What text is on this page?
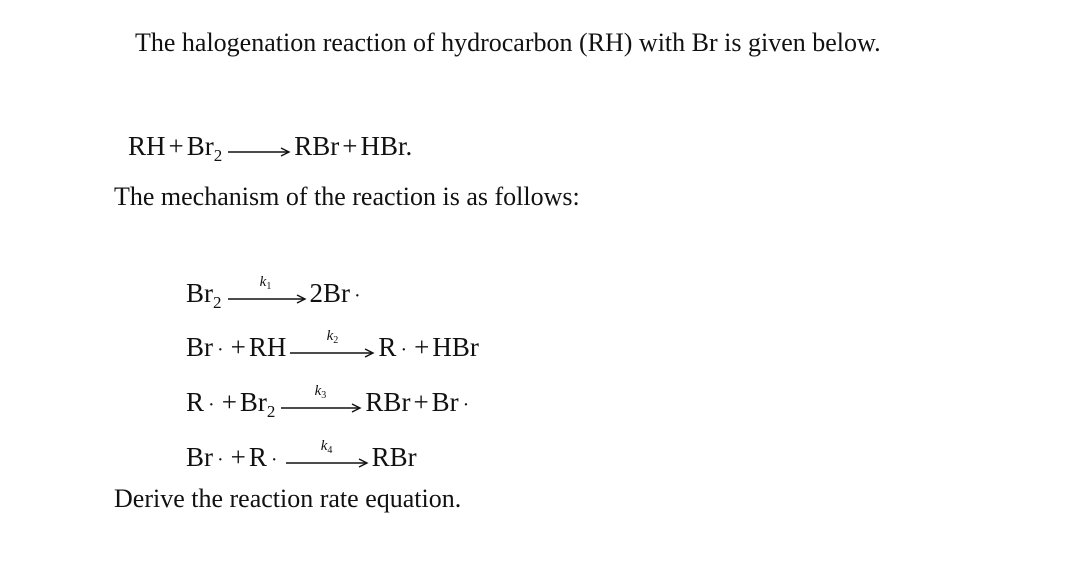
The halogenation reaction of hydrocarbon (RH) with Br is given below.
RH + $Br_2$	RBr + HBr.
The mechanism of the reaction is as follows:
$Br_2$
$k_1$ 2Br ·
Br · + RH	$k_2$ R · + HBr
R · + $Br_2$
$k_3$ RBr + Br ·
Br · + R ·
$k_4$ RBr
Derive the reaction rate equation.
